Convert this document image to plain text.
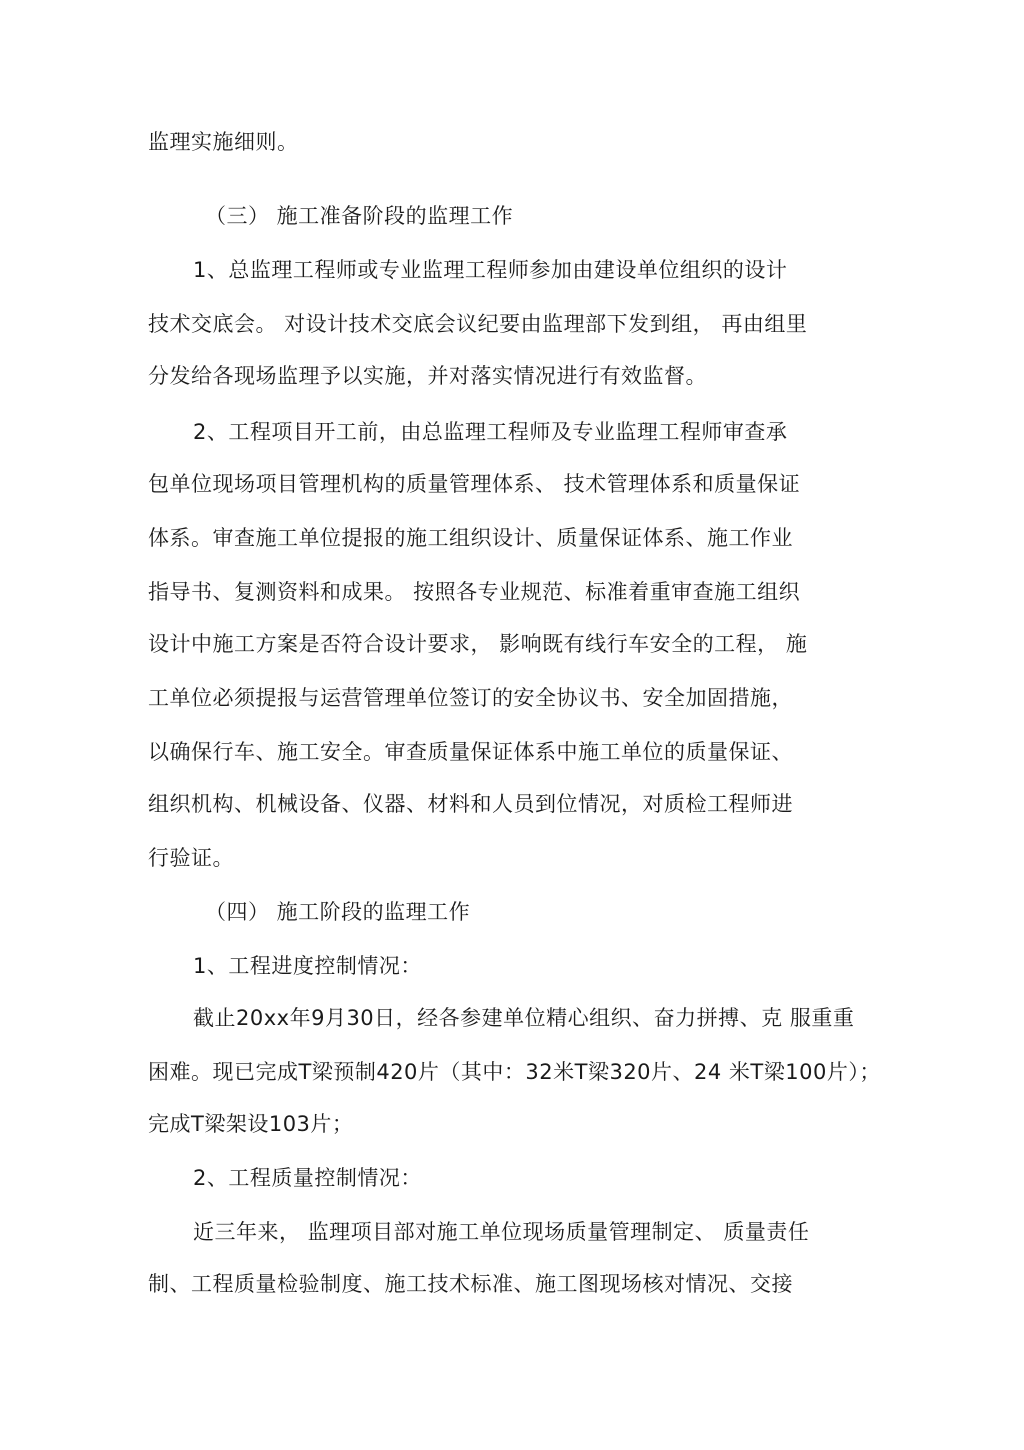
监理实施细则。
（三） 施工准备阶段的监理工作
1、总监理工程师或专业监理工程师参加由建设单位组织的设计
技术交底会。 对设计技术交底会议纪要由监理部下发到组， 再由组里
分发给各现场监理予以实施，并对落实情况进行有效监督。
2、工程项目开工前，由总监理工程师及专业监理工程师审查承
包单位现场项目管理机构的质量管理体系、 技术管理体系和质量保证
体系。审查施工单位提报的施工组织设计、质量保证体系、施工作业
指导书、复测资料和成果。 按照各专业规范、标准着重审查施工组织
设计中施工方案是否符合设计要求， 影响既有线行车安全的工程， 施
工单位必须提报与运营管理单位签订的安全协议书、安全加固措施，
以确保行车、施工安全。审查质量保证体系中施工单位的质量保证、
组织机构、机械设备、仪器、材料和人员到位情况，对质检工程师进
行验证。
（四） 施工阶段的监理工作
1、工程进度控制情况：
截止20xx年9月30日，经各参建单位精心组织、奋力拼搏、克 服重重
困难。现已完成T梁预制420片（其中：32米T梁320片、24 米T梁100片）；
完成T梁架设103片；
2、工程质量控制情况：
近三年来， 监理项目部对施工单位现场质量管理制定、 质量责任
制、工程质量检验制度、施工技术标准、施工图现场核对情况、交接
